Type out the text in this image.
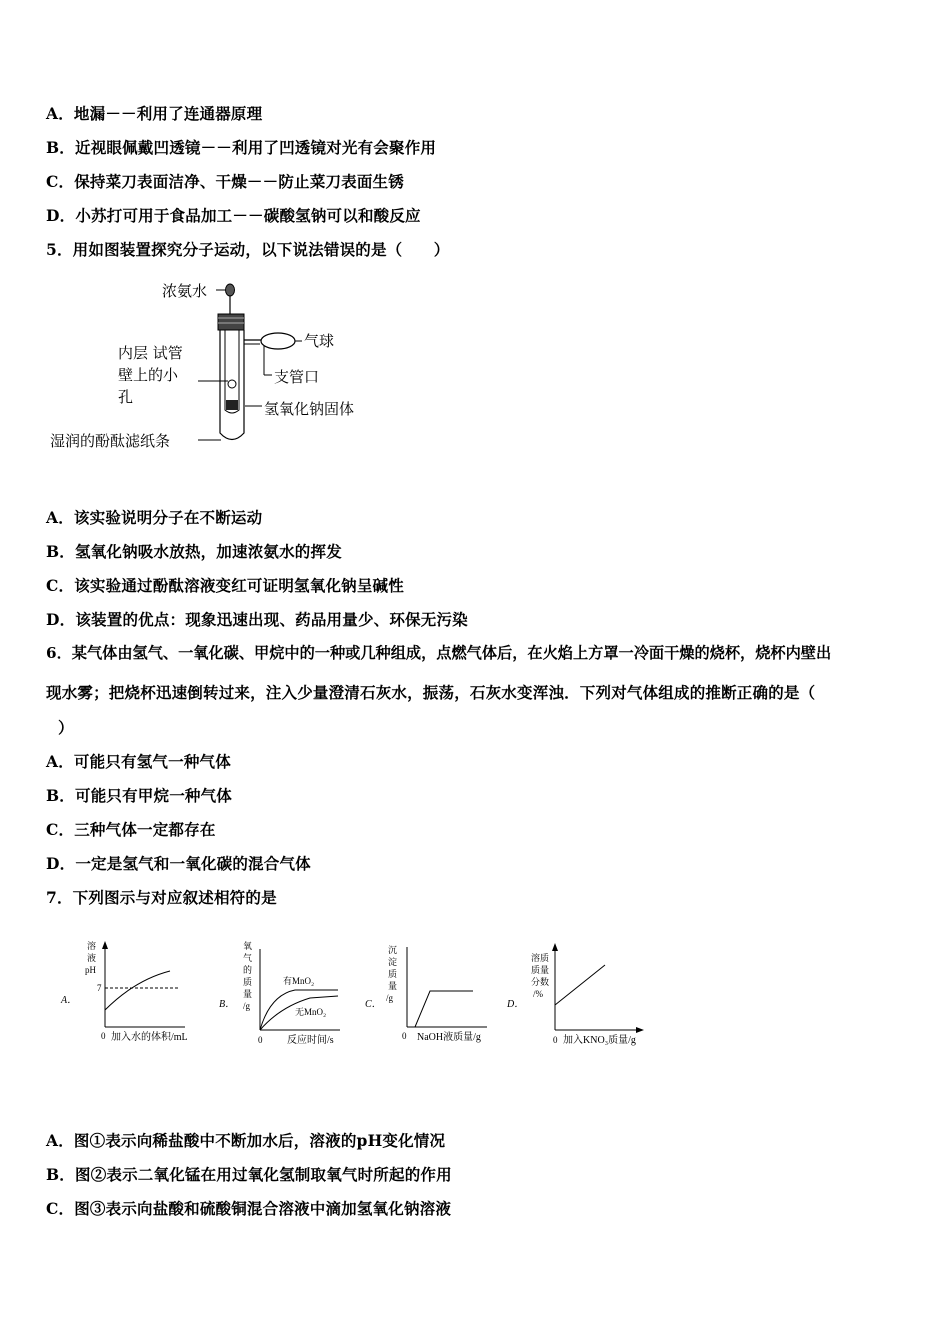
A．地漏－－利用了连通器原理
B．近视眼佩戴凹透镜－－利用了凹透镜对光有会聚作用
C．保持菜刀表面洁净、干燥－－防止菜刀表面生锈
D．小苏打可用于食品加工－－碳酸氢钠可以和酸反应
5．用如图装置探究分子运动，以下说法错误的是（　　）
浓氨水
气球
内层 试管
壁上的小
孔
支管口
氢氧化钠固体
湿润的酚酞滤纸条
A．该实验说明分子在不断运动
B．氢氧化钠吸水放热，加速浓氨水的挥发
C．该实验通过酚酞溶液变红可证明氢氧化钠呈碱性
D．该装置的优点：现象迅速出现、药品用量少、环保无污染
6．某气体由氢气、一氧化碳、甲烷中的一种或几种组成，点燃气体后，在火焰上方罩一冷面干燥的烧杯，烧杯内壁出
现水雾；把烧杯迅速倒转过来，注入少量澄清石灰水，振荡，石灰水变浑浊．下列对气体组成的推断正确的是（
）
A．可能只有氢气一种气体
B．可能只有甲烷一种气体
C．三种气体一定都存在
D．一定是氢气和一氧化碳的混合气体
7．下列图示与对应叙述相符的是
A．
溶
液
pH
7
0 加入水的体积/mL
B．
氧
气
的
质
量
/g
有MnO₂
无MnO₂
0 反应时间/s
C．
沉
淀
质
量
/g
0 NaOH液质量/g
D．
溶质
质量
分数
/%
0 加入KNO₃质量/g
A．图①表示向稀盐酸中不断加水后，溶液的pH变化情况
B．图②表示二氧化锰在用过氧化氢制取氧气时所起的作用
C．图③表示向盐酸和硫酸铜混合溶液中滴加氢氧化钠溶液
